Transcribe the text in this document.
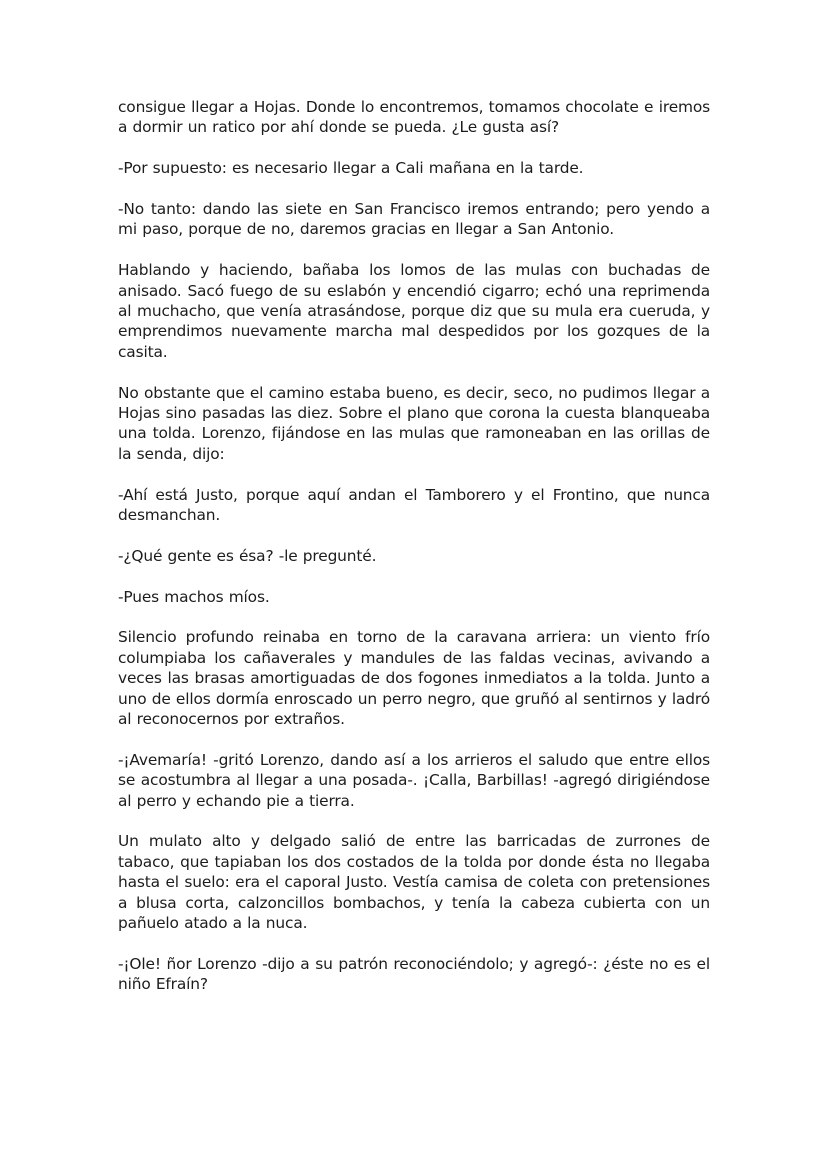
consigue llegar a Hojas. Donde lo encontremos, tomamos chocolate e iremos a dormir un ratico por ahí donde se pueda. ¿Le gusta así?

-Por supuesto: es necesario llegar a Cali mañana en la tarde.

-No tanto: dando las siete en San Francisco iremos entrando; pero yendo a mi paso, porque de no, daremos gracias en llegar a San Antonio.

Hablando y haciendo, bañaba los lomos de las mulas con buchadas de anisado. Sacó fuego de su eslabón y encendió cigarro; echó una reprimenda al muchacho, que venía atrasándose, porque diz que su mula era cueruda, y emprendimos nuevamente marcha mal despedidos por los gozques de la casita.

No obstante que el camino estaba bueno, es decir, seco, no pudimos llegar a Hojas sino pasadas las diez. Sobre el plano que corona la cuesta blanqueaba una tolda. Lorenzo, fijándose en las mulas que ramoneaban en las orillas de la senda, dijo:

-Ahí está Justo, porque aquí andan el Tamborero y el Frontino, que nunca desmanchan.

-¿Qué gente es ésa? -le pregunté.

-Pues machos míos.

Silencio profundo reinaba en torno de la caravana arriera: un viento frío columpiaba los cañaverales y mandules de las faldas vecinas, avivando a veces las brasas amortiguadas de dos fogones inmediatos a la tolda. Junto a uno de ellos dormía enroscado un perro negro, que gruñó al sentirnos y ladró al reconocernos por extraños.

-¡Avemaría! -gritó Lorenzo, dando así a los arrieros el saludo que entre ellos se acostumbra al llegar a una posada-. ¡Calla, Barbillas! -agregó dirigiéndose al perro y echando pie a tierra.

Un mulato alto y delgado salió de entre las barricadas de zurrones de tabaco, que tapiaban los dos costados de la tolda por donde ésta no llegaba hasta el suelo: era el caporal Justo. Vestía camisa de coleta con pretensiones a blusa corta, calzoncillos bombachos, y tenía la cabeza cubierta con un pañuelo atado a la nuca.

-¡Ole! ñor Lorenzo -dijo a su patrón reconociéndolo; y agregó-: ¿éste no es el niño Efraín?
